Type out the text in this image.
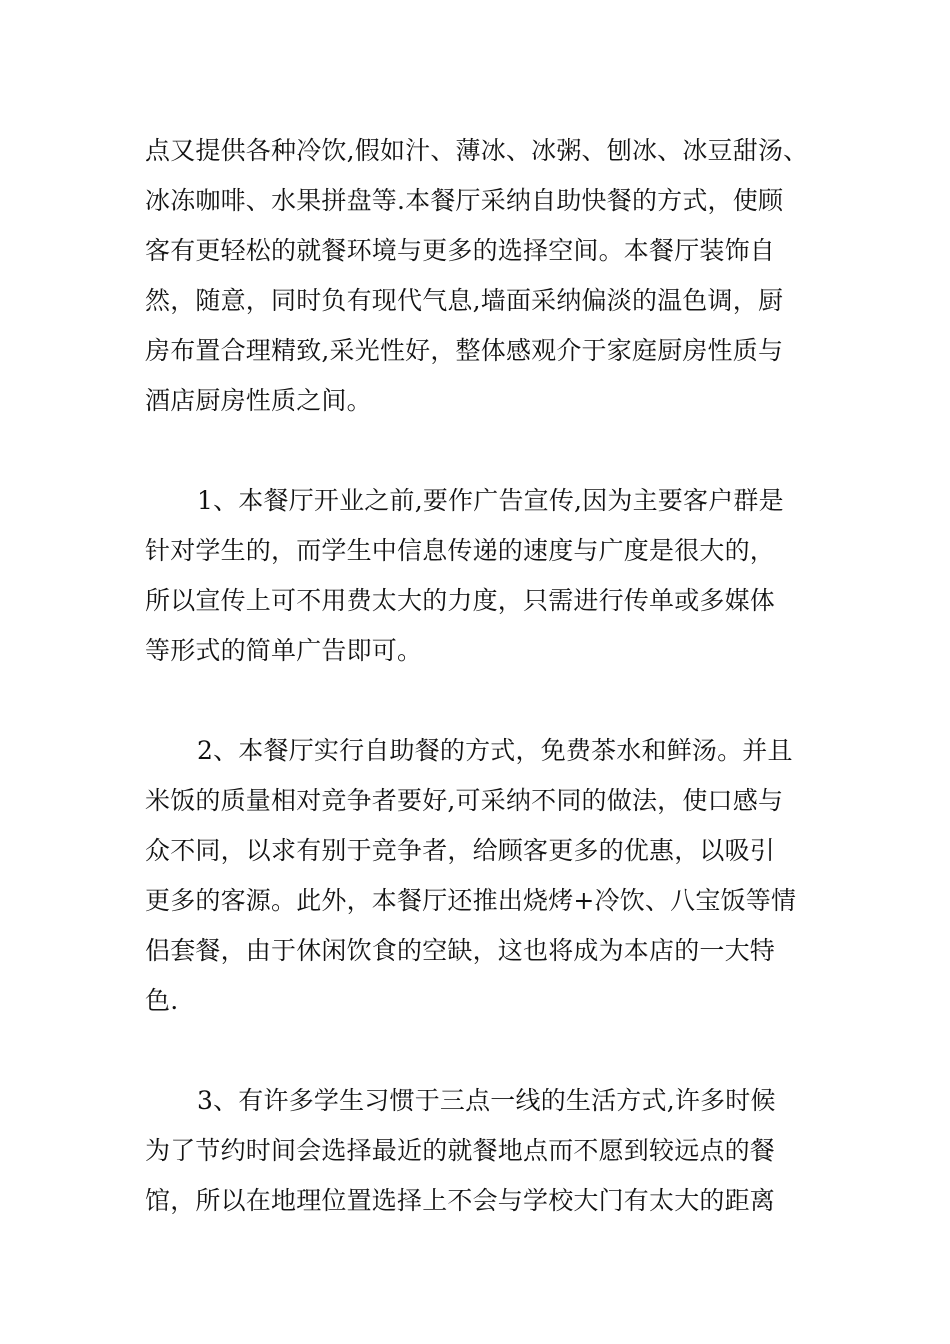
点又提供各种冷饮,假如汁、薄冰、冰粥、刨冰、冰豆甜汤、
冰冻咖啡、水果拼盘等.本餐厅采纳自助快餐的方式，使顾
客有更轻松的就餐环境与更多的选择空间。本餐厅装饰自
然，随意，同时负有现代气息,墙面采纳偏淡的温色调，厨
房布置合理精致,采光性好，整体感观介于家庭厨房性质与
酒店厨房性质之间。
1、本餐厅开业之前,要作广告宣传,因为主要客户群是
针对学生的，而学生中信息传递的速度与广度是很大的，
所以宣传上可不用费太大的力度，只需进行传单或多媒体
等形式的简单广告即可。
2、本餐厅实行自助餐的方式，免费茶水和鲜汤。并且
米饭的质量相对竞争者要好,可采纳不同的做法，使口感与
众不同，以求有别于竞争者，给顾客更多的优惠，以吸引
更多的客源。此外，本餐厅还推出烧烤+冷饮、八宝饭等情
侣套餐，由于休闲饮食的空缺，这也将成为本店的一大特
色.
3、有许多学生习惯于三点一线的生活方式,许多时候
为了节约时间会选择最近的就餐地点而不愿到较远点的餐
馆，所以在地理位置选择上不会与学校大门有太大的距离
